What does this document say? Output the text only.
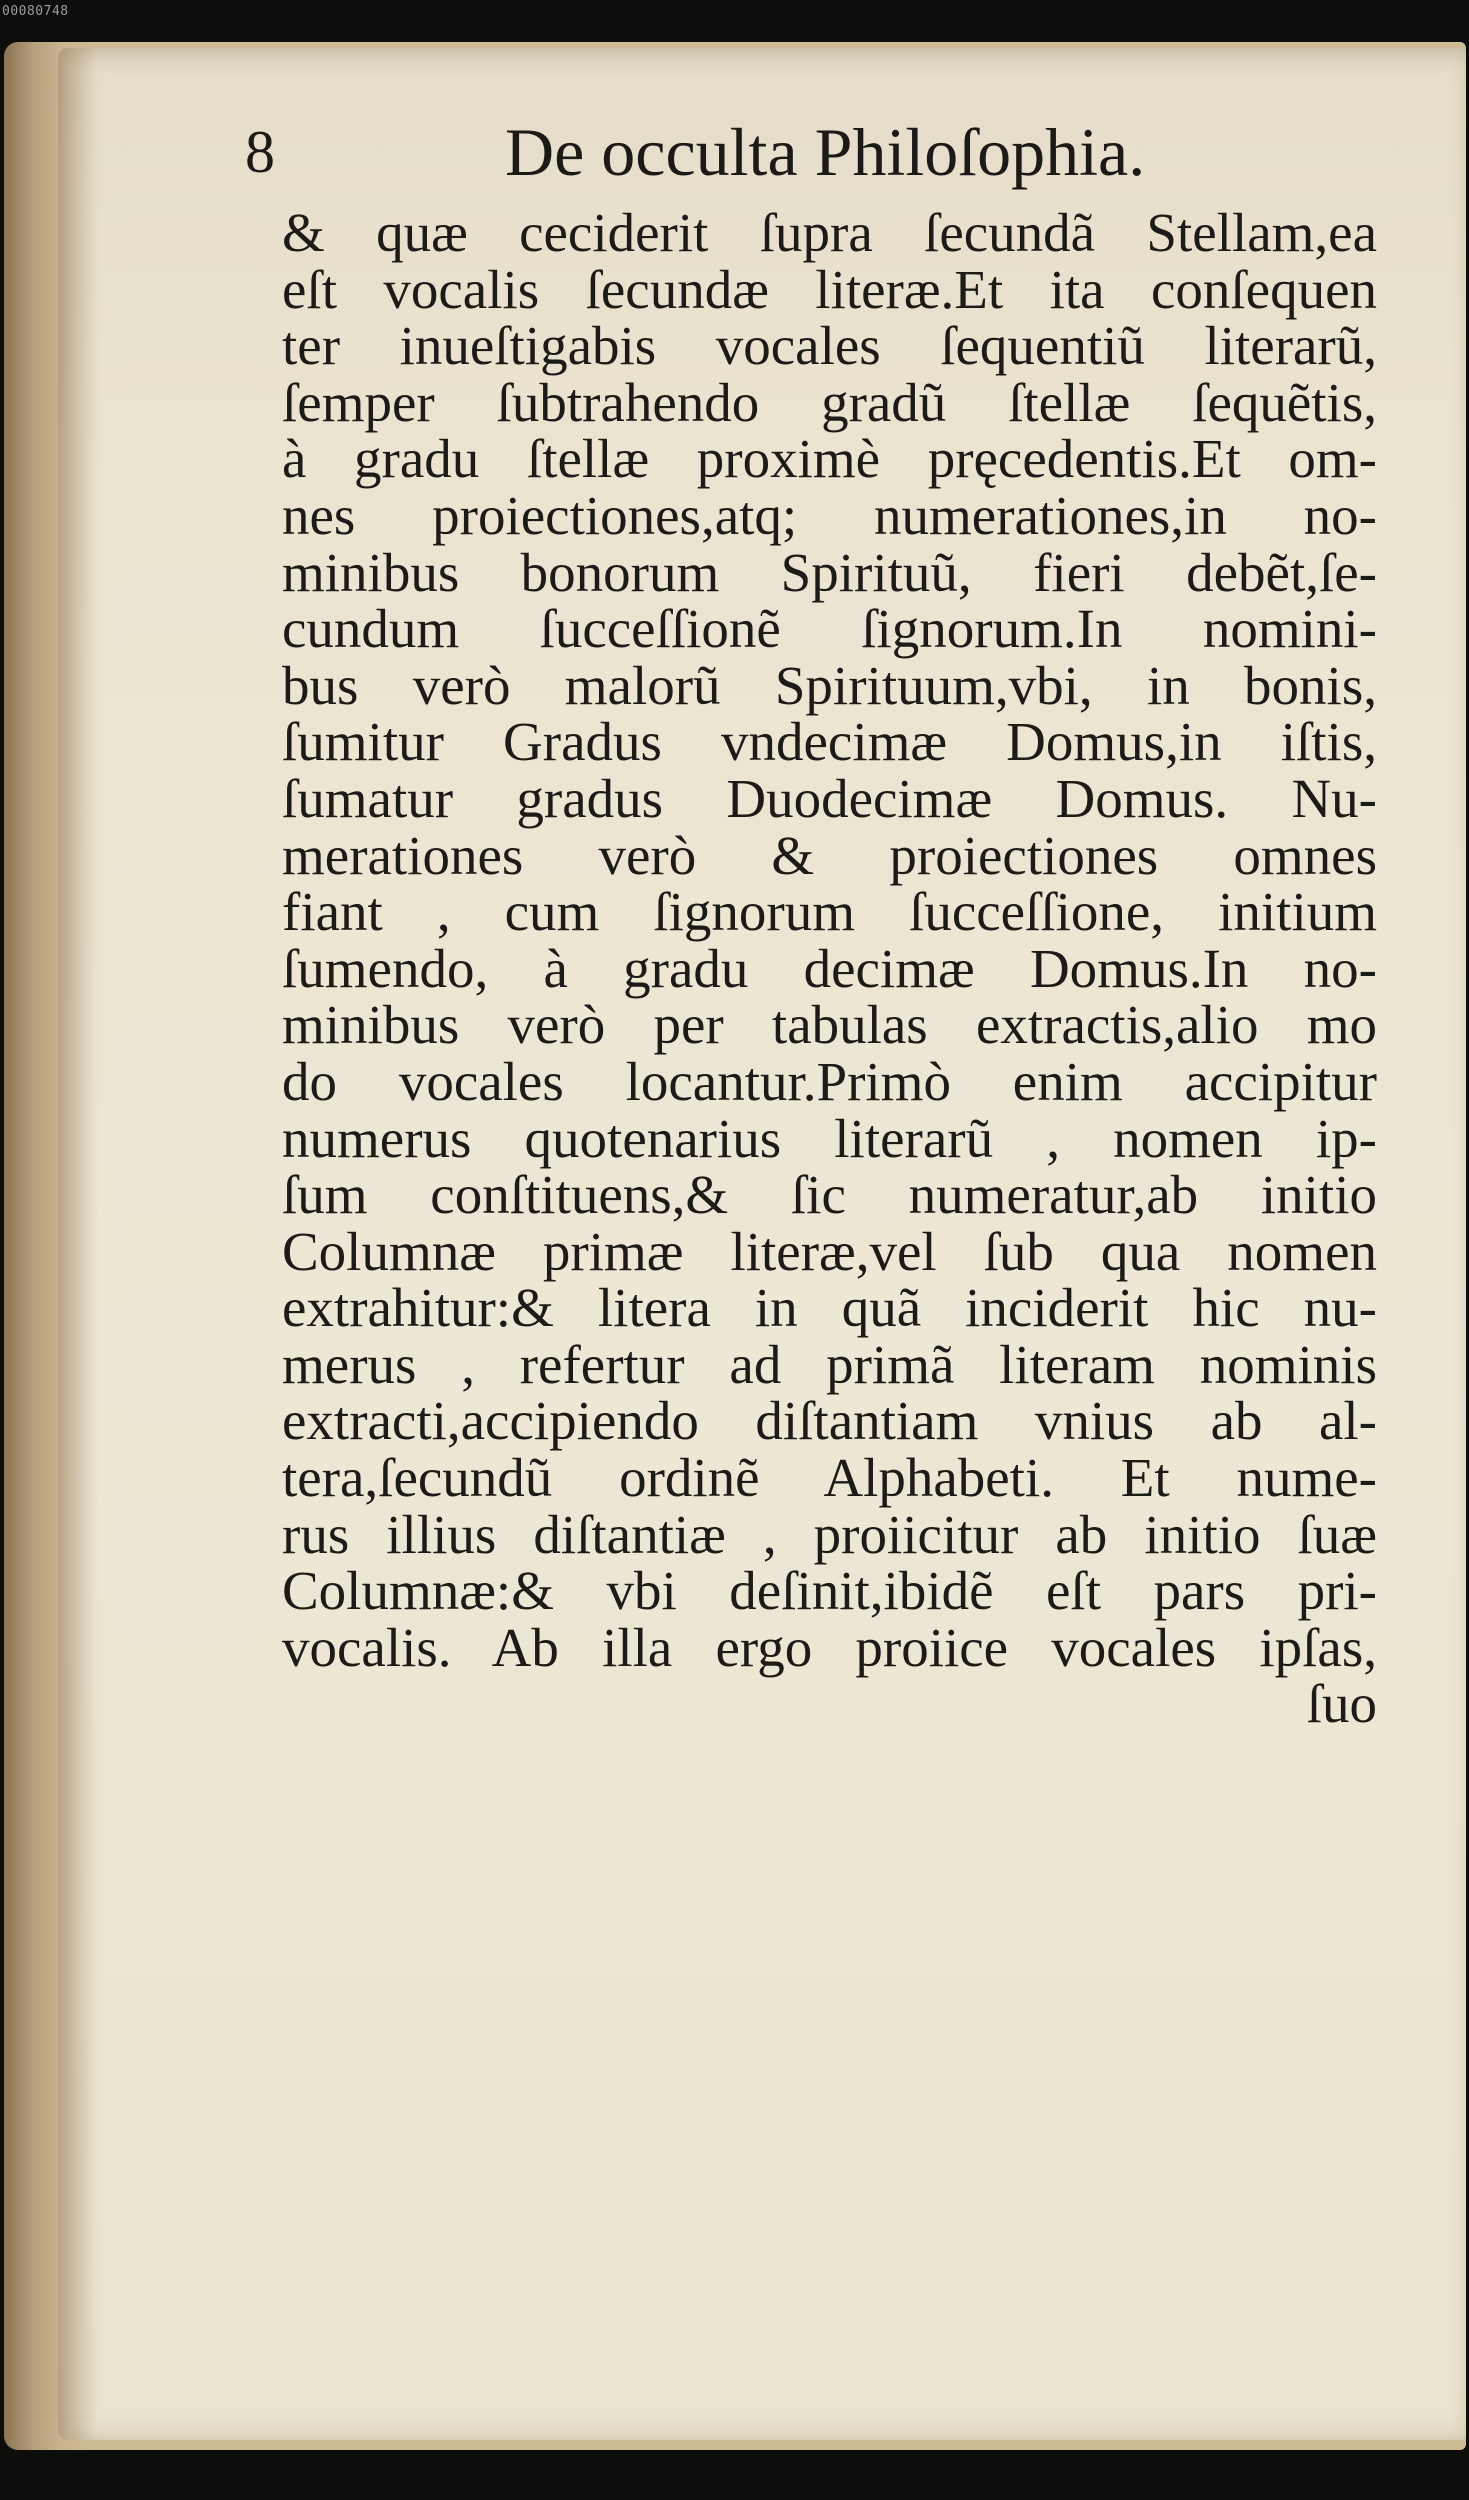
00080748
8	De occulta Philoſophia.
& quæ ceciderit ſupra ſecundã Stellam,ea
eſt vocalis ſecundæ literæ.Et ita conſequen
ter inueſtigabis vocales ſequentiũ literarũ,
ſemper ſubtrahendo gradũ ſtellæ ſequẽtis,
à gradu ſtellæ proximè pręcedentis.Et om-
nes proiectiones,atq; numerationes,in no-
minibus bonorum Spirituũ, fieri debẽt,ſe-
cundum ſucceſſionẽ ſignorum.In nomini-
bus verò malorũ Spirituum,vbi, in bonis,
ſumitur Gradus vndecimæ Domus,in iſtis,
ſumatur gradus Duodecimæ Domus. Nu-
merationes verò & proiectiones omnes
fiant , cum ſignorum ſucceſſione, initium
ſumendo, à gradu decimæ Domus.In no-
minibus verò per tabulas extractis,alio mo
do vocales locantur.Primò enim accipitur
numerus quotenarius literarũ , nomen ip-
ſum conſtituens,& ſic numeratur,ab initio
Columnæ primæ literæ,vel ſub qua nomen
extrahitur:& litera in quã inciderit hic nu-
merus , refertur ad primã literam nominis
extracti,accipiendo diſtantiam vnius ab al-
tera,ſecundũ ordinẽ Alphabeti. Et nume-
rus illius diſtantiæ , proiicitur ab initio ſuæ
Columnæ:& vbi deſinit,ibidẽ eſt pars pri-
vocalis. Ab illa ergo proiice vocales ipſas,
ſuo
